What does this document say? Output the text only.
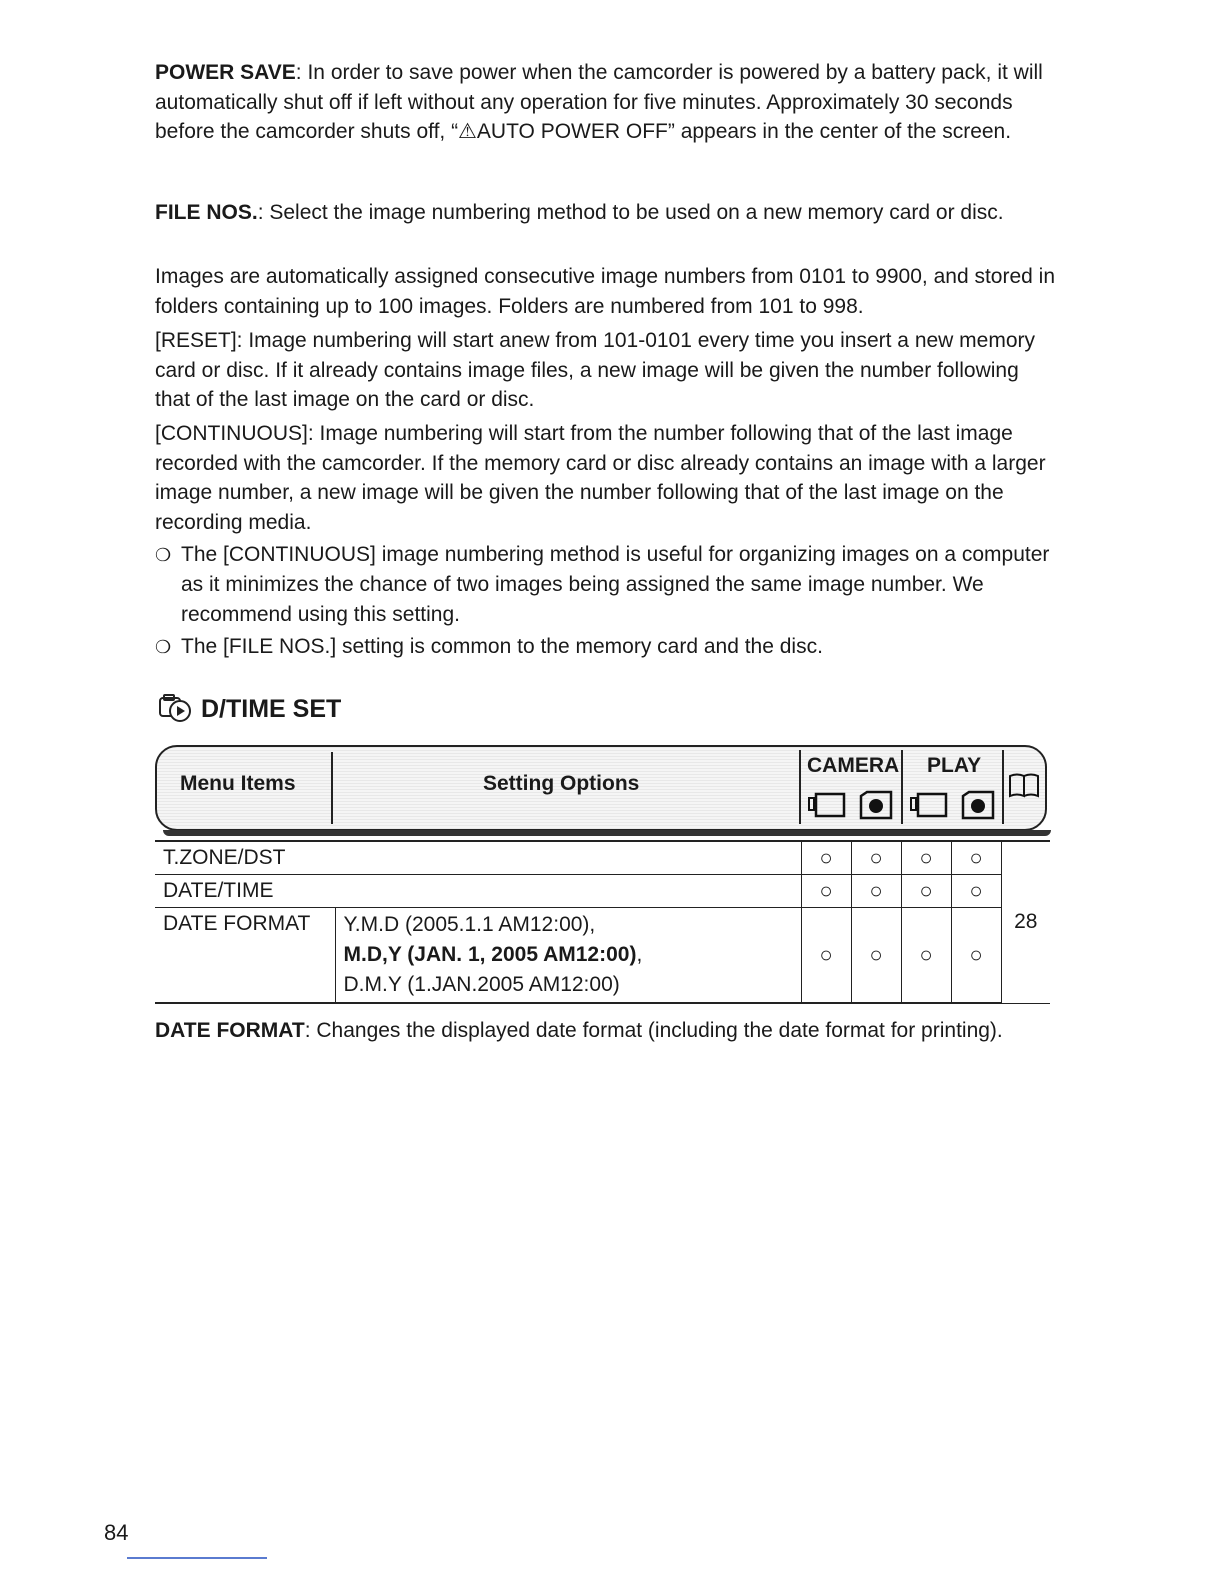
POWER SAVE: In order to save power when the camcorder is powered by a battery pack, it will automatically shut off if left without any operation for five minutes. Approximately 30 seconds before the camcorder shuts off, “⚠AUTO POWER OFF” appears in the center of the screen.

FILE NOS.: Select the image numbering method to be used on a new memory card or disc.

Images are automatically assigned consecutive image numbers from 0101 to 9900, and stored in folders containing up to 100 images. Folders are numbered from 101 to 998.

[RESET]: Image numbering will start anew from 101-0101 every time you insert a new memory card or disc. If it already contains image files, a new image will be given the number following that of the last image on the card or disc.

[CONTINUOUS]: Image numbering will start from the number following that of the last image recorded with the camcorder. If the memory card or disc already contains an image with a larger image number, a new image will be given the number following that of the last image on the recording media.

❍ The [CONTINUOUS] image numbering method is useful for organizing images on a computer as it minimizes the chance of two images being assigned the same image number. We recommend using this setting.

❍ The [FILE NOS.] setting is common to the memory card and the disc.

D/TIME SET
Menu Items	Setting Options
CAMERA PLAY
T.ZONE/DST		○	○	○	○	28
DATE/TIME		○	○	○	○	
DATE FORMAT	Y.M.D (2005.1.1 AM12:00),
M.D,Y (JAN. 1, 2005 AM12:00),
D.M.Y (1.JAN.2005 AM12:00)	○	○	○	○	

DATE FORMAT: Changes the displayed date format (including the date format for printing).

84
